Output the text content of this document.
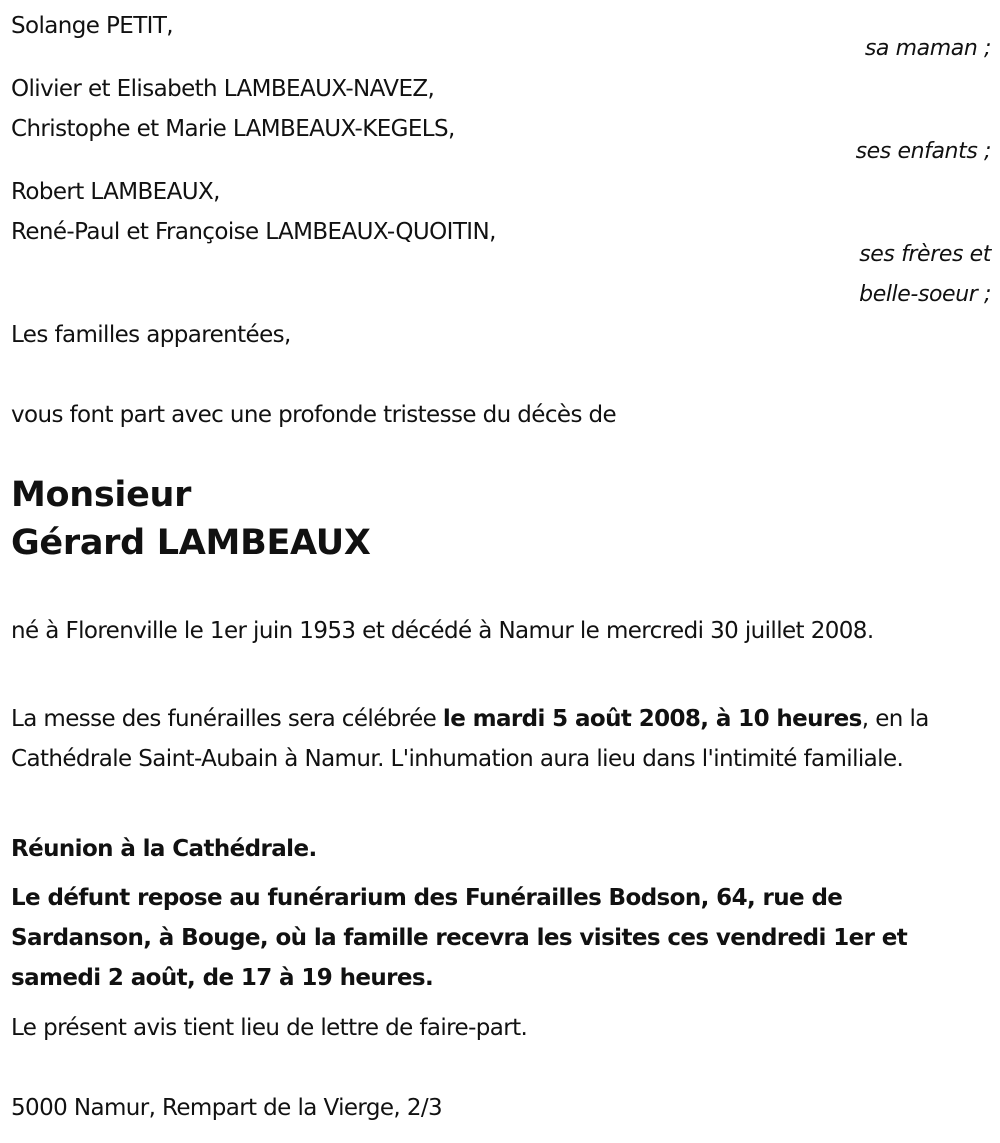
Solange PETIT,
sa maman ;
Olivier et Elisabeth LAMBEAUX-NAVEZ,
Christophe et Marie LAMBEAUX-KEGELS,
ses enfants ;
Robert LAMBEAUX,
René-Paul et Françoise LAMBEAUX-QUOITIN,
ses frères et
belle-soeur ;
Les familles apparentées,
vous font part avec une profonde tristesse du décès de
Monsieur
Gérard LAMBEAUX
né à Florenville le 1er juin 1953 et décédé à Namur le mercredi 30 juillet 2008.
La messe des funérailles sera célébrée le mardi 5 août 2008, à 10 heures, en la Cathédrale Saint-Aubain à Namur. L'inhumation aura lieu dans l'intimité familiale.
Réunion à la Cathédrale.
Le défunt repose au funérarium des Funérailles Bodson, 64, rue de Sardanson, à Bouge, où la famille recevra les visites ces vendredi 1er et samedi 2 août, de 17 à 19 heures.
Le présent avis tient lieu de lettre de faire-part.
5000 Namur, Rempart de la Vierge, 2/3
